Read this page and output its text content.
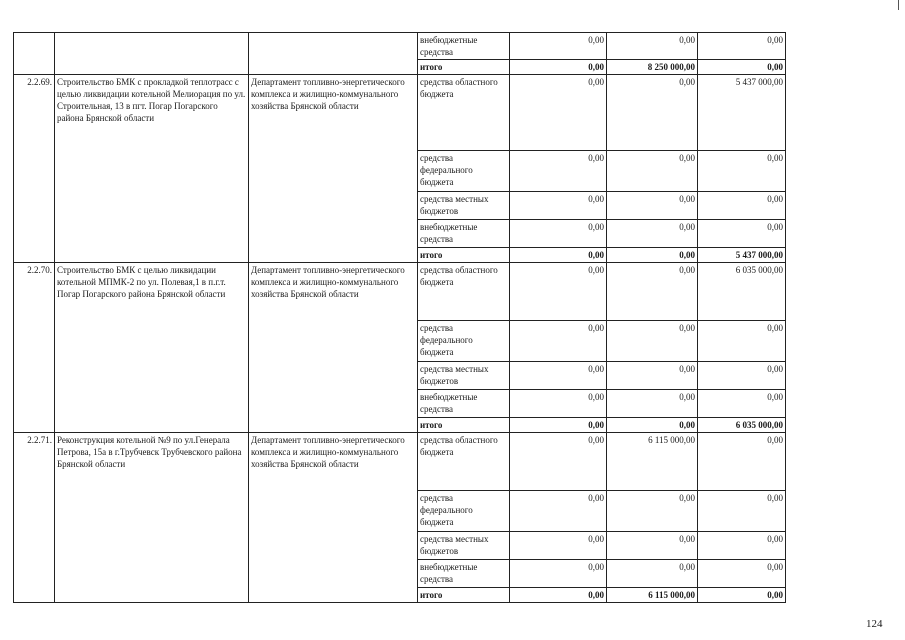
			внебюджетные средства	0,00	0,00	0,00
			итого	0,00	8 250 000,00	0,00
2.2.69.	Строительство БМК с прокладкой теплотрасс с целью ликвидации котельной Мелиорация по ул. Строительная, 13 в пгт. Погар Погарского района Брянской области	Департамент топливно-энергетического комплекса и жилищно-коммунального хозяйства Брянской области	средства областного бюджета	0,00	0,00	5 437 000,00
			средства федерального бюджета	0,00	0,00	0,00
			средства местных бюджетов	0,00	0,00	0,00
			внебюджетные средства	0,00	0,00	0,00
			итого	0,00	0,00	5 437 000,00
2.2.70.	Строительство БМК с целью ликвидации котельной МПМК-2 по ул. Полевая,1 в п.г.т. Погар Погарского района Брянской области	Департамент топливно-энергетического комплекса и жилищно-коммунального хозяйства Брянской области	средства областного бюджета	0,00	0,00	6 035 000,00
			средства федерального бюджета	0,00	0,00	0,00
			средства местных бюджетов	0,00	0,00	0,00
			внебюджетные средства	0,00	0,00	0,00
			итого	0,00	0,00	6 035 000,00
2.2.71.	Реконструкция котельной №9 по ул.Генерала Петрова, 15а в г.Трубчевск Трубчевского района Брянской области	Департамент топливно-энергетического комплекса и жилищно-коммунального хозяйства Брянской области	средства областного бюджета	0,00	6 115 000,00	0,00
			средства федерального бюджета	0,00	0,00	0,00
			средства местных бюджетов	0,00	0,00	0,00
			внебюджетные средства	0,00	0,00	0,00
			итого	0,00	6 115 000,00	0,00
124
